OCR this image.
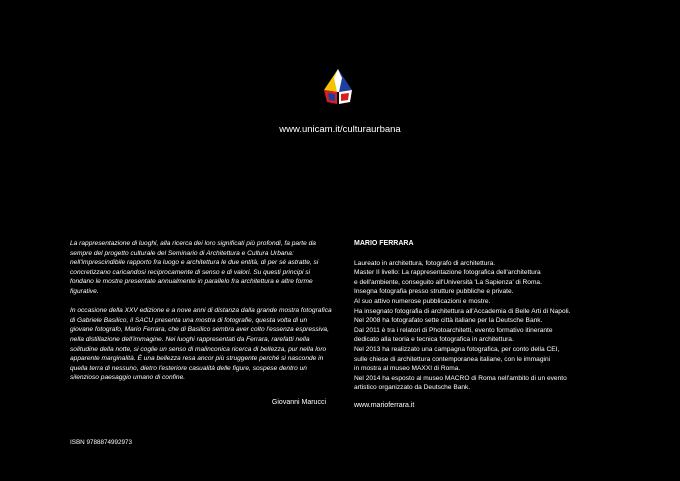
www.unicam.it/culturaurbana

La rappresentazione di luoghi, alla ricerca dei loro significati più profondi, fa parte da sempre del progetto culturale del Seminario di Architettura e Cultura Urbana: nell'imprescindibile rapporto fra luogo e architettura le due entità, di per sé astratte, si concretizzano caricandosi reciprocamente di senso e di valori. Su questi principi si fondano le mostre presentate annualmente in parallelo fra architettura e altre forme figurative.

In occasione della XXV edizione e a nove anni di distanza dalla grande mostra fotografica di Gabriele Basilico, il SACU presenta una mostra di fotografie, questa volta di un giovane fotografo, Mario Ferrara, che di Basilico sembra aver colto l'essenza espressiva, nella distillazione dell'immagine. Nei luoghi rappresentati da Ferrara, rarefatti nella solitudine della notte, si coglie un senso di malinconica ricerca di bellezza, pur nella loro apparente marginalità. È una bellezza resa ancor più struggente perché si nasconde in quella terra di nessuno, dietro l'esteriore casualità delle figure, sospese dentro un silenzioso paesaggio umano di confine.

Giovanni Marucci
ISBN 9788874992973
MARIO FERRARA
Laureato in architettura, fotografo di architettura.
Master II livello: La rappresentazione fotografica dell'architettura
e dell'ambiente, conseguito all'Università 'La Sapienza' di Roma.
Insegna fotografia presso strutture pubbliche e private.
Al suo attivo numerose pubblicazioni e mostre.
Ha insegnato fotografia di architettura all'Accademia di Belle Arti di Napoli.
Nel 2008 ha fotografato sette città italiane per la Deutsche Bank.
Dal 2011 è tra i relatori di Photoarchitetti, evento formativo itinerante
dedicato alla teoria e tecnica fotografica in architettura.
Nel 2013 ha realizzato una campagna fotografica, per conto della CEI,
sulle chiese di architettura contemporanea italiane, con le immagini
in mostra al museo MAXXI di Roma.
Nel 2014 ha esposto al museo MACRO di Roma nell'ambito di un evento
artistico organizzato da Deutsche Bank.
www.marioferrara.it
